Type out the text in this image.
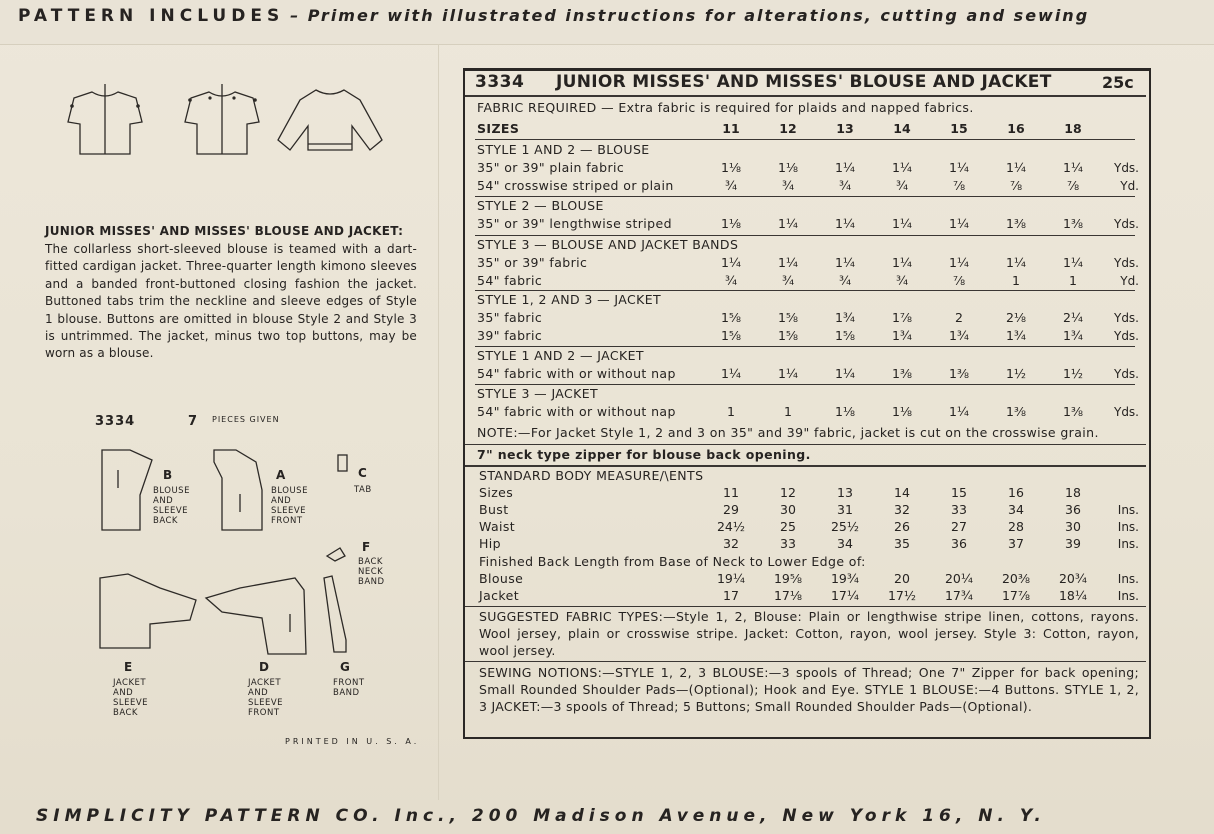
PATTERN INCLUDES – Primer with illustrated instructions for alterations, cutting and sewing
JUNIOR MISSES' AND MISSES' BLOUSE AND JACKET:
The collarless short-sleeved blouse is teamed with a dart-fitted cardigan jacket. Three-quarter length kimono sleeves and a banded front-buttoned closing fashion the jacket. Buttoned tabs trim the neckline and sleeve edges of Style 1 blouse. Buttons are omitted in blouse Style 2 and Style 3 is untrimmed. The jacket, minus two top buttons, may be worn as a blouse.
3334	7 PIECES GIVEN
B
BLOUSE
AND
SLEEVE
BACK
A
BLOUSE
AND
SLEEVE
FRONT
C
TAB
F
BACK
NECK
BAND
E
JACKET
AND
SLEEVE
BACK
D
JACKET
AND
SLEEVE
FRONT
G
FRONT
BAND
PRINTED IN U. S. A.
3334 JUNIOR MISSES' AND MISSES' BLOUSE AND JACKET	25c
FABRIC REQUIRED — Extra fabric is required for plaids and napped fabrics.
SIZES	11	12	13	14	15	16	18
STYLE 1 AND 2 — BLOUSE
35" or 39" plain fabric	1⅛	1⅛	1¼	1¼	1¼	1¼	1¼	Yds.
54" crosswise striped or plain	¾	¾	¾	¾	⅞	⅞	⅞	Yd.
STYLE 2 — BLOUSE
35" or 39" lengthwise striped	1⅛	1¼	1¼	1¼	1¼	1⅜	1⅜	Yds.
STYLE 3 — BLOUSE AND JACKET BANDS
35" or 39" fabric	1¼	1¼	1¼	1¼	1¼	1¼	1¼	Yds.
54" fabric	¾	¾	¾	¾	⅞	1	1	Yd.
STYLE 1, 2 AND 3 — JACKET
35" fabric	1⅝	1⅝	1¾	1⅞	2	2⅛	2¼	Yds.
39" fabric	1⅝	1⅝	1⅝	1¾	1¾	1¾	1¾	Yds.
STYLE 1 AND 2 — JACKET
54" fabric with or without nap	1¼	1¼	1¼	1⅜	1⅜	1½	1½	Yds.
STYLE 3 — JACKET
54" fabric with or without nap	1	1	1⅛	1⅛	1¼	1⅜	1⅜	Yds.
NOTE:—For Jacket Style 1, 2 and 3 on 35" and 39" fabric, jacket is cut on the crosswise grain.
7" neck type zipper for blouse back opening.
STANDARD BODY MEASURE/\ENTS
Sizes	11	12	13	14	15	16	18
Bust	29	30	31	32	33	34	36	Ins.
Waist	24½	25	25½	26	27	28	30	Ins.
Hip	32	33	34	35	36	37	39	Ins.
Finished Back Length from Base of Neck to Lower Edge of:
Blouse	19¼	19⅝	19¾	20	20¼	20⅜	20¾	Ins.
Jacket	17	17⅛	17¼	17½	17¾	17⅞	18¼	Ins.
SUGGESTED FABRIC TYPES:—Style 1, 2, Blouse: Plain or lengthwise stripe linen, cottons, rayons. Wool jersey, plain or crosswise stripe. Jacket: Cotton, rayon, wool jersey. Style 3: Cotton, rayon, wool jersey.
SEWING NOTIONS:—STYLE 1, 2, 3 BLOUSE:—3 spools of Thread; One 7" Zipper for back opening; Small Rounded Shoulder Pads—(Optional); Hook and Eye. STYLE 1 BLOUSE:—4 Buttons. STYLE 1, 2, 3 JACKET:—3 spools of Thread; 5 Buttons; Small Rounded Shoulder Pads—(Optional).
SIMPLICITY PATTERN CO. Inc., 200 Madison Avenue, New York 16, N. Y.
